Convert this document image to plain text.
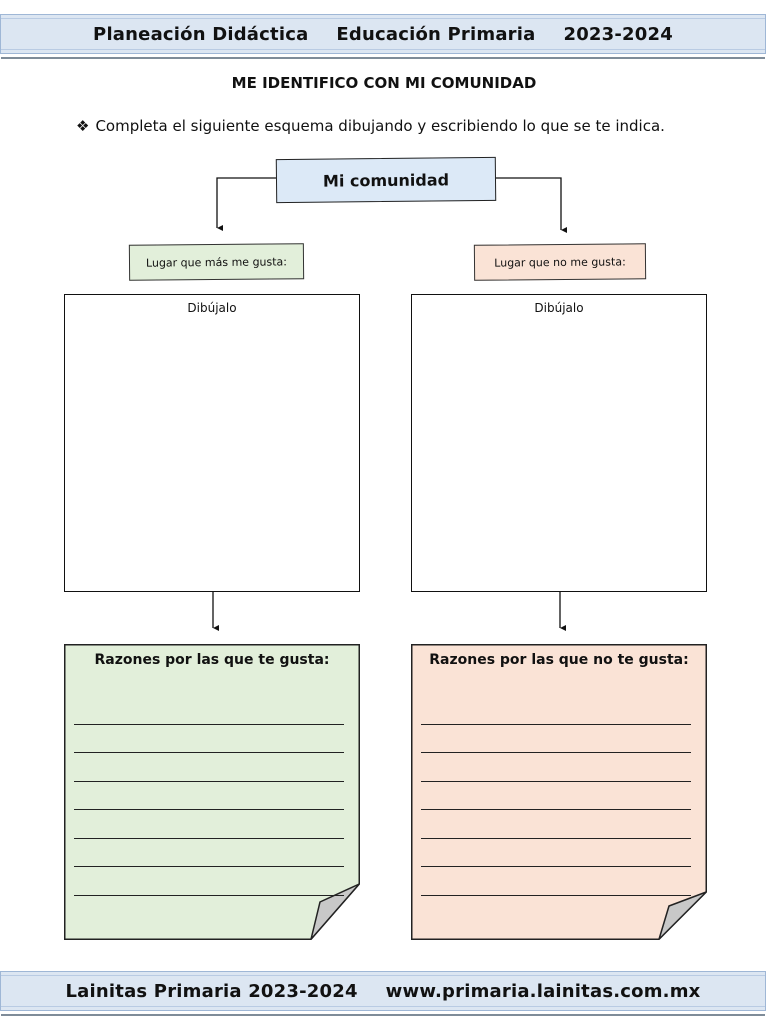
Planeación Didáctica Educación Primaria 2023-2024
ME IDENTIFICO CON MI COMUNIDAD
❖ Completa el siguiente esquema dibujando y escribiendo lo que se te indica.
Mi comunidad
Lugar que más me gusta:	Lugar que no me gusta:
Dibújalo	Dibújalo
Razones por las que te gusta:	Razones por las que no te gusta:
Lainitas Primaria 2023-2024 www.primaria.lainitas.com.mx
